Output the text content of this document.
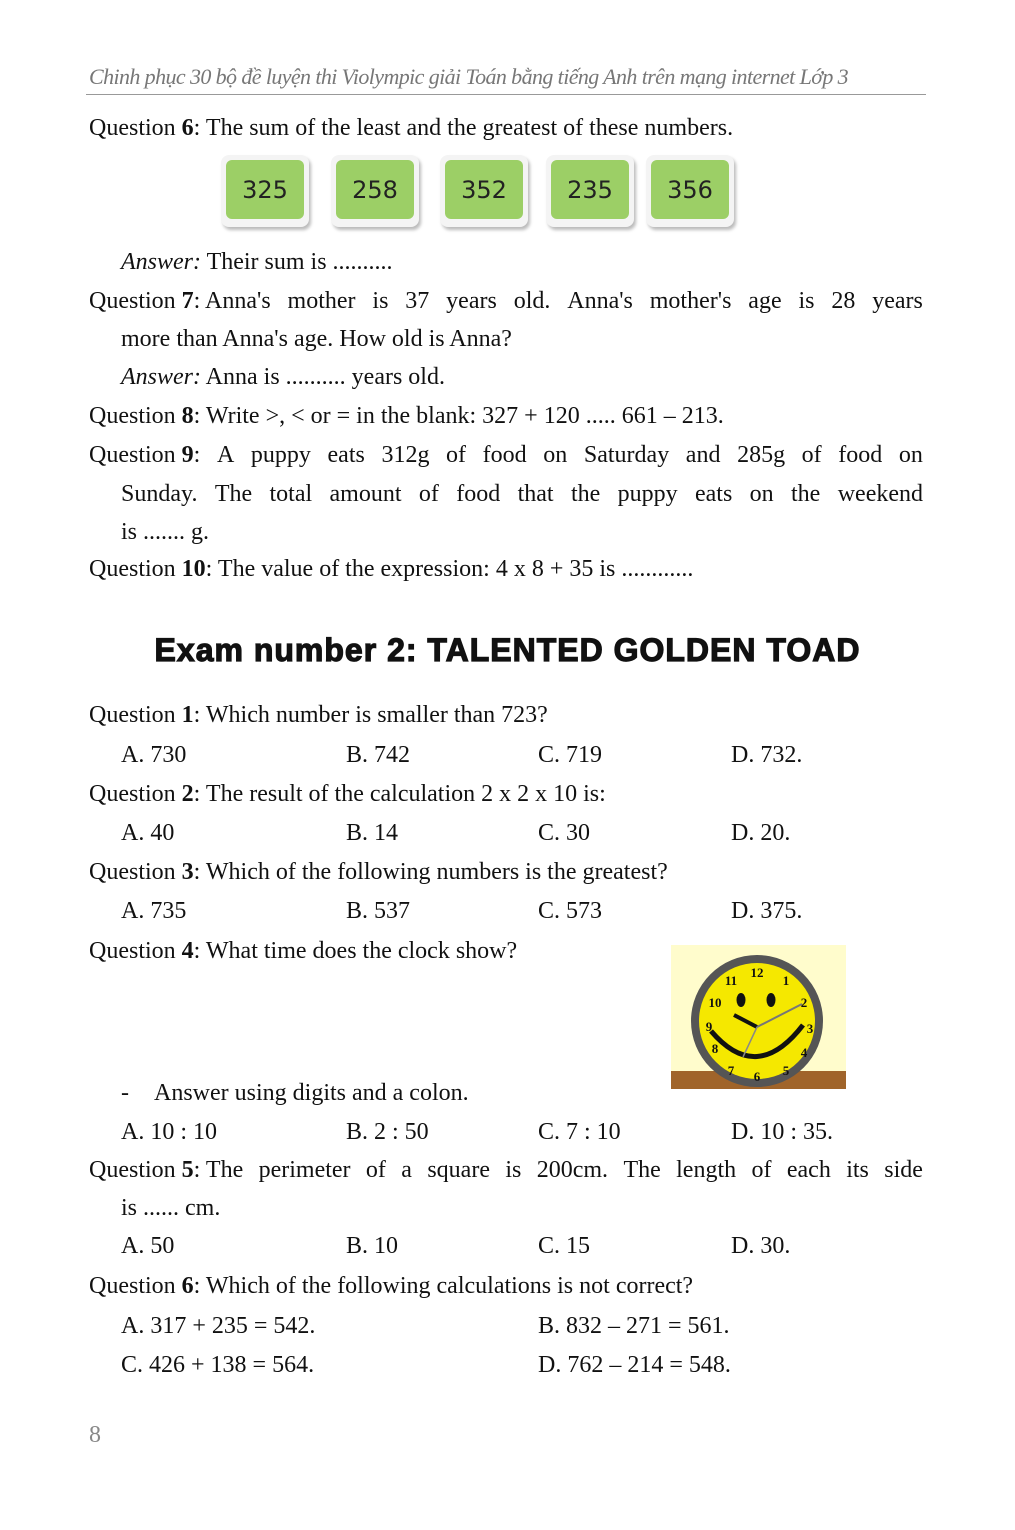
Chinh phục 30 bộ đề luyện thi Violympic giải Toán bằng tiếng Anh trên mạng internet Lớp 3
Question 6: The sum of the least and the greatest of these numbers.
325	258	352	235	356
Answer: Their sum is ..........
Question 7: Anna's mother is 37 years old. Anna's mother's age is 28 years
more than Anna's age. How old is Anna?
Answer: Anna is .......... years old.
Question 8: Write >, < or = in the blank: 327 + 120 ..... 661 – 213.
Question 9: A puppy eats 312g of food on Saturday and 285g of food on
Sunday. The total amount of food that the puppy eats on the weekend
is ....... g.
Question 10: The value of the expression: 4 x 8 + 35 is ............
Exam number 2: TALENTED GOLDEN TOAD
Question 1: Which number is smaller than 723?
A. 730	B. 742	C. 719	D. 732.
Question 2: The result of the calculation 2 x 2 x 10 is:
A. 40	B. 14	C. 30	D. 20.
Question 3: Which of the following numbers is the greatest?
A. 735	B. 537	C. 573	D. 375.
Question 4: What time does the clock show?
12
1
2
3
4
5
6
7
8
9
10
11
- Answer using digits and a colon.
A. 10 : 10	B. 2 : 50	C. 7 : 10	D. 10 : 35.
Question 5: The perimeter of a square is 200cm. The length of each its side
is ...... cm.
A. 50	B. 10	C. 15	D. 30.
Question 6: Which of the following calculations is not correct?
A. 317 + 235 = 542.	B. 832 – 271 = 561.
C. 426 + 138 = 564.	D. 762 – 214 = 548.
8
